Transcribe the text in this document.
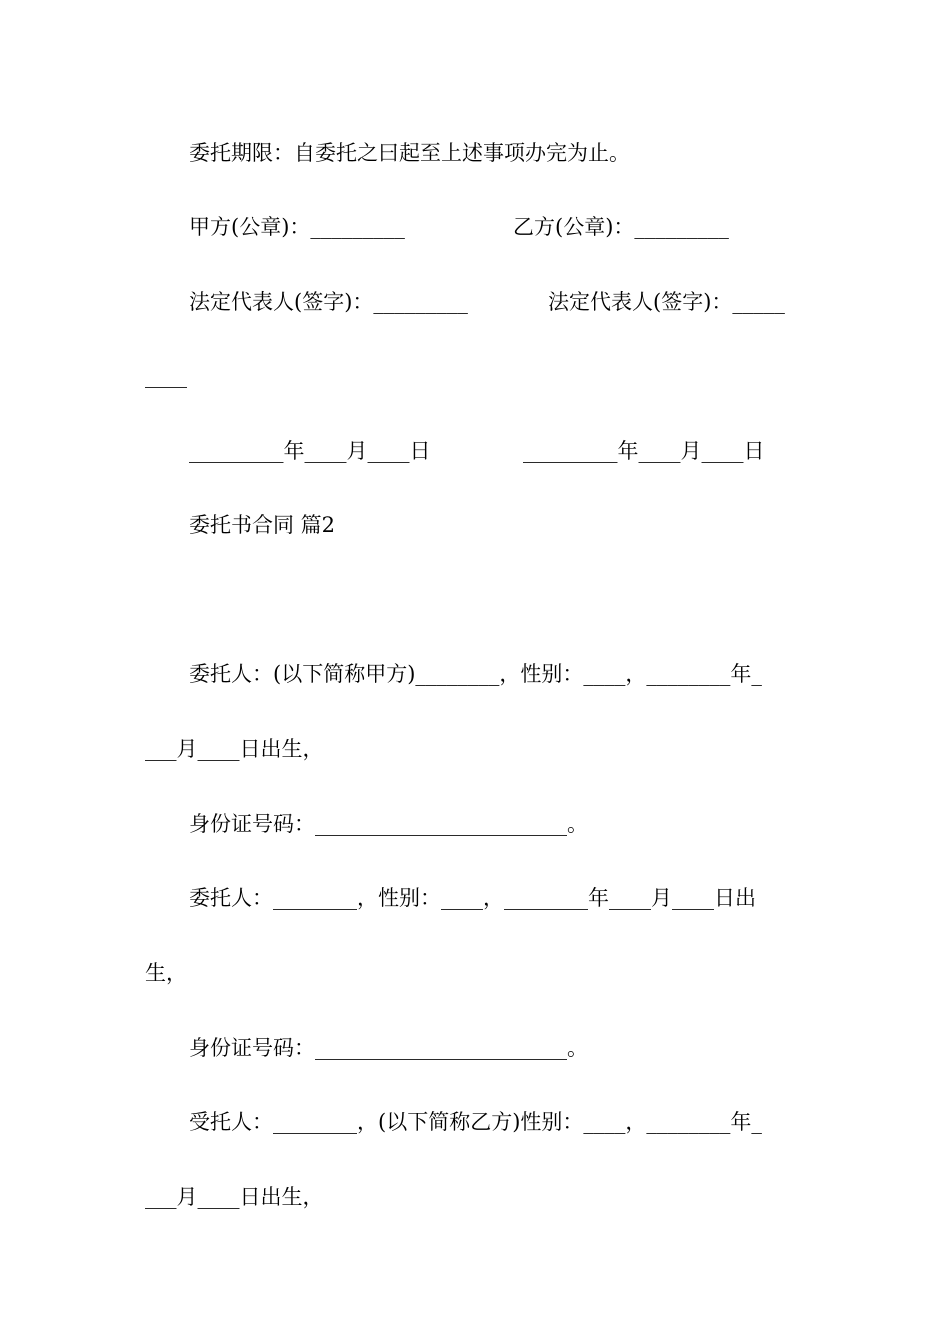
委托期限：自委托之曰起至上述事项办完为止。

甲方(公章)：_________	乙方(公章)：_________

法定代表人(签字)：_________	法定代表人(签字)：_____

____

_________年____月____日	_________年____月____日

委托书合同 篇2

委托人：(以下简称甲方)________，性别：____，________年_

___月____日出生，

身份证号码：________________________。

委托人：________，性别：____，________年____月____日出

生，

身份证号码：________________________。

受托人：________，(以下简称乙方)性别：____，________年_

___月____日出生，
